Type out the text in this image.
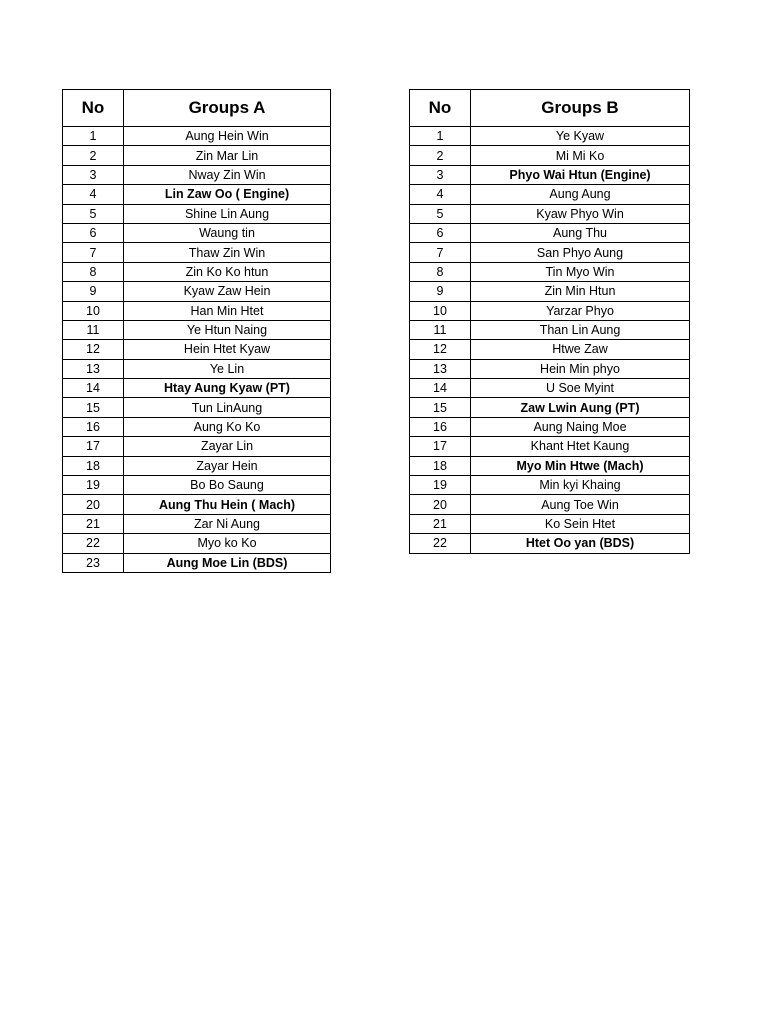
No	Groups A
1	Aung Hein Win
2	Zin Mar Lin
3	Nway Zin Win
4	Lin Zaw Oo ( Engine)
5	Shine Lin Aung
6	Waung tin
7	Thaw Zin Win
8	Zin Ko Ko htun
9	Kyaw Zaw Hein
10	Han Min Htet
11	Ye Htun Naing
12	Hein Htet Kyaw
13	Ye Lin
14	Htay Aung Kyaw (PT)
15	Tun LinAung
16	Aung Ko Ko
17	Zayar Lin
18	Zayar Hein
19	Bo Bo Saung
20	Aung Thu Hein ( Mach)
21	Zar Ni Aung
22	Myo ko Ko
23	Aung Moe Lin (BDS)
No	Groups B
1	Ye Kyaw
2	Mi Mi Ko
3	Phyo Wai Htun (Engine)
4	Aung Aung
5	Kyaw Phyo Win
6	Aung Thu
7	San Phyo Aung
8	Tin Myo Win
9	Zin Min Htun
10	Yarzar Phyo
11	Than Lin Aung
12	Htwe Zaw
13	Hein Min phyo
14	U Soe Myint
15	Zaw Lwin Aung (PT)
16	Aung Naing Moe
17	Khant Htet Kaung
18	Myo Min Htwe (Mach)
19	Min kyi Khaing
20	Aung Toe Win
21	Ko Sein Htet
22	Htet Oo yan (BDS)
